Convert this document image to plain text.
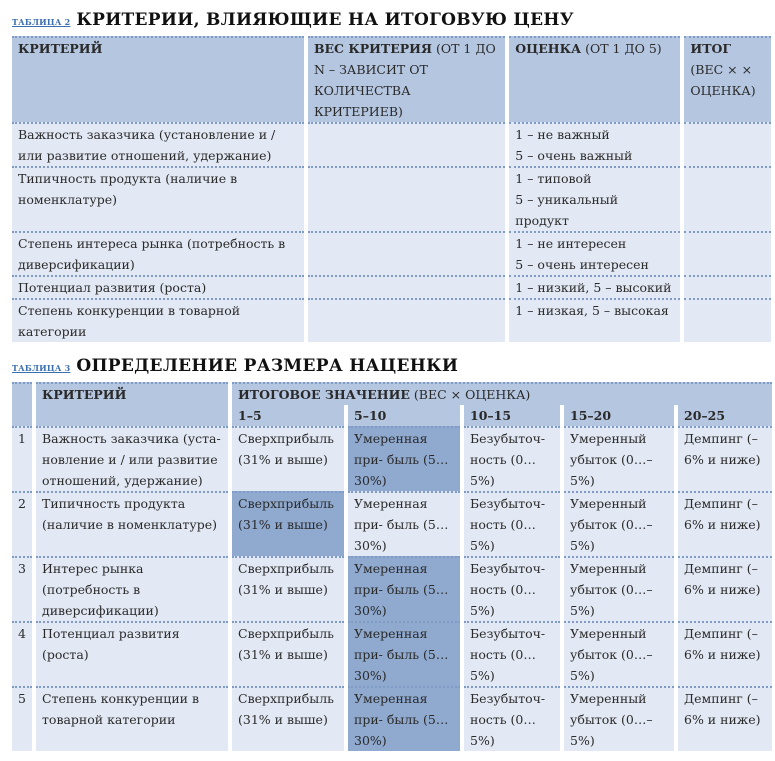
ТАБЛИЦА 2 КРИТЕРИИ, ВЛИЯЮЩИЕ НА ИТОГОВУЮ ЦЕНУ
КРИТЕРИЙ	ВЕС КРИТЕРИЯ (ОТ 1 ДО N – ЗАВИСИТ ОТ КОЛИЧЕСТВА КРИТЕРИЕВ)	ОЦЕНКА (ОТ 1 ДО 5)	ИТОГ (ВЕС × × ОЦЕНКА)
Важность заказчика (установление и / или развитие отношений, удержание)		1 – не важный
5 – очень важный	

Типичность продукта (наличие в номенклатуре)		1 – типовой
5 – уникальный продукт	

Степень интереса рынка (потребность в диверсификации)		1 – не интересен
5 – очень интересен	

Потенциал развития (роста)		1 – низкий, 5 – высокий	

Степень конкуренции в товарной категории		1 – низкая, 5 – высокая	

ТАБЛИЦА 3 ОПРЕДЕЛЕНИЕ РАЗМЕРА НАЦЕНКИ
	КРИТЕРИЙ	ИТОГОВОЕ ЗНАЧЕНИЕ (ВЕС × ОЦЕНКА)				
		1–5	5–10	10–15	15–20	20–25
1	Важность заказчика (уста- новление и / или развитие отношений, удержание)	Сверхприбыль (31% и выше)	Умеренная при- быль (5…30%)	Безубыточ- ность (0…5%)	Умеренный убыток (0…–5%)	Демпинг (–6% и ниже)
2	Типичность продукта (наличие в номенклатуре)	Сверхприбыль (31% и выше)	Умеренная при- быль (5…30%)	Безубыточ- ность (0…5%)	Умеренный убыток (0…–5%)	Демпинг (–6% и ниже)
3	Интерес рынка (потребность в диверсификации)	Сверхприбыль (31% и выше)	Умеренная при- быль (5…30%)	Безубыточ- ность (0…5%)	Умеренный убыток (0…–5%)	Демпинг (–6% и ниже)
4	Потенциал развития (роста)	Сверхприбыль (31% и выше)	Умеренная при- быль (5…30%)	Безубыточ- ность (0…5%)	Умеренный убыток (0…–5%)	Демпинг (–6% и ниже)
5	Степень конкуренции в товарной категории	Сверхприбыль (31% и выше)	Умеренная при- быль (5…30%)	Безубыточ- ность (0…5%)	Умеренный убыток (0…–5%)	Демпинг (–6% и ниже)
